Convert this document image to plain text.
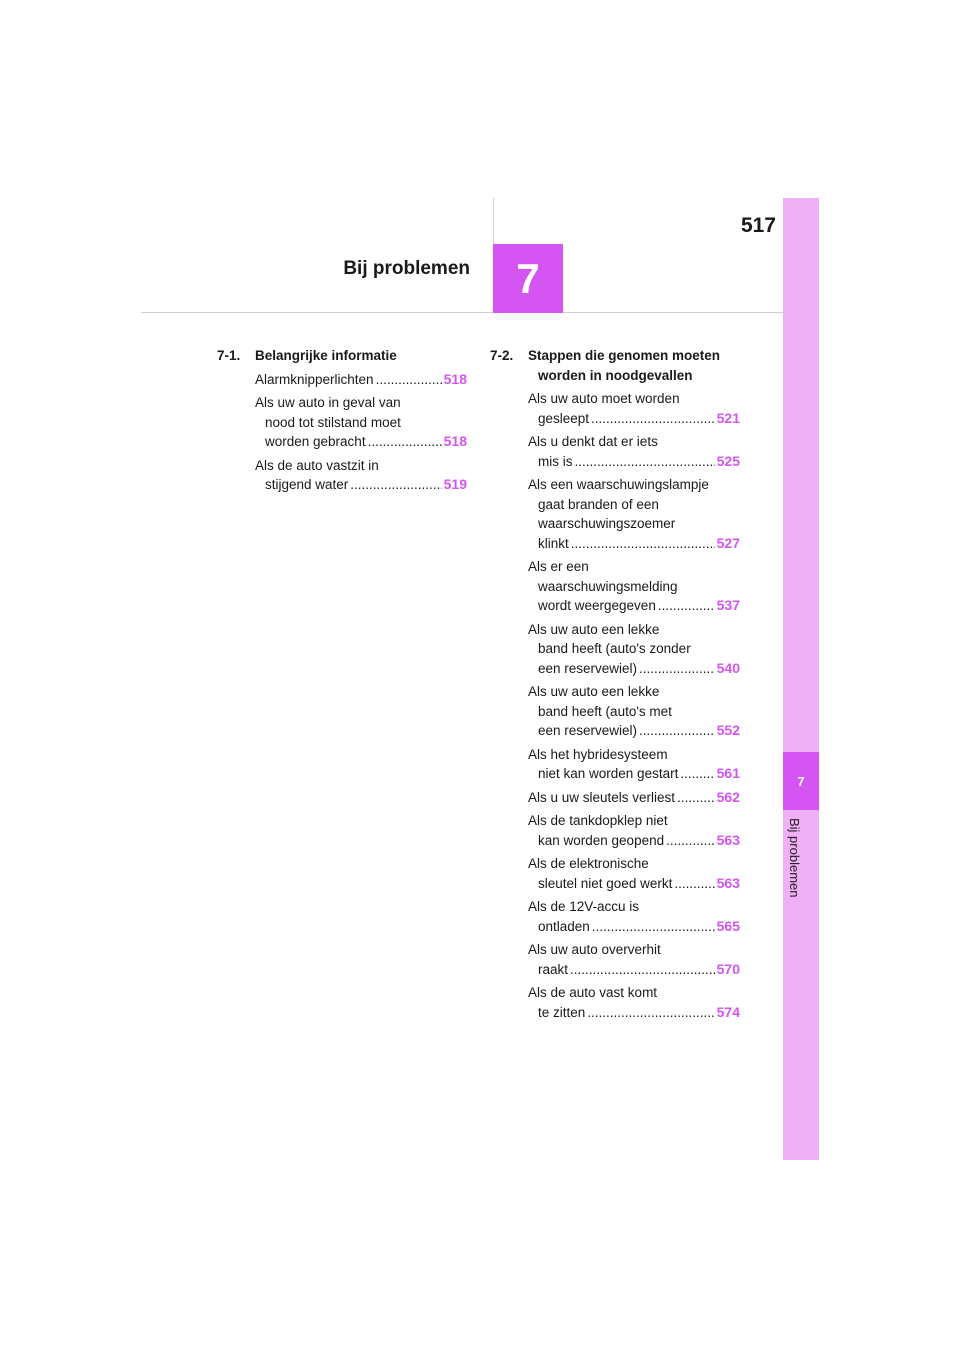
7
Bij problemen
517
7
Bij problemen
7-1.	Belangrijke informatie
Alarmknipperlichten .....	518
Als uw auto in geval van
nood tot stilstand moet
worden gebracht .....	518
Als de auto vastzit in
stijgend water .....	519
7-2.	Stappen die genomen moeten
worden in noodgevallen
Als uw auto moet worden
gesleept .....	521
Als u denkt dat er iets
mis is .....	525
Als een waarschuwingslampje
gaat branden of een
waarschuwingszoemer
klinkt .....	527
Als er een
waarschuwingsmelding
wordt weergegeven .....	537
Als uw auto een lekke
band heeft (auto's zonder
een reservewiel) .....	540
Als uw auto een lekke
band heeft (auto's met
een reservewiel) .....	552
Als het hybridesysteem
niet kan worden gestart .....	561
Als u uw sleutels verliest .....	562
Als de tankdopklep niet
kan worden geopend .....	563
Als de elektronische
sleutel niet goed werkt .....	563
Als de 12V-accu is
ontladen .....	565
Als uw auto oververhit
raakt .....	570
Als de auto vast komt
te zitten .....	574
